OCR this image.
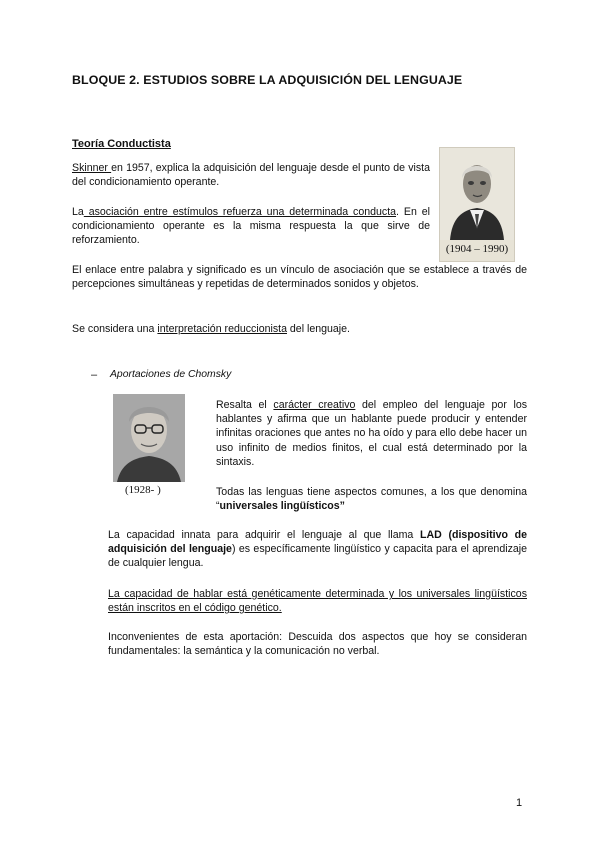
BLOQUE 2. ESTUDIOS SOBRE LA ADQUISICIÓN DEL LENGUAJE

Teoría Conductista

Skinner en 1957, explica la adquisición del lenguaje desde el punto de vista del condicionamiento operante.

La asociación entre estímulos refuerza una determinada conducta. En el condicionamiento operante es la misma respuesta la que sirve de reforzamiento.

(1904 – 1990)

El enlace entre palabra y significado es un vínculo de asociación que se establece a través de percepciones simultáneas y repetidas de determinados sonidos y objetos.

Se considera una interpretación reduccionista del lenguaje.

– Aportaciones de Chomsky
(1928- )

Resalta el carácter creativo del empleo del lenguaje por los hablantes y afirma que un hablante puede producir y entender infinitas oraciones que antes no ha oído y para ello debe hacer un uso infinito de medios finitos, el cual está determinado por la sintaxis.

Todas las lenguas tiene aspectos comunes, a los que denomina “universales lingüísticos”

La capacidad innata para adquirir el lenguaje al que llama LAD (dispositivo de adquisición del lenguaje) es específicamente lingüístico y capacita para el aprendizaje de cualquier lengua.

La capacidad de hablar está genéticamente determinada y los universales lingüísticos están inscritos en el código genético.

Inconvenientes de esta aportación: Descuida dos aspectos que hoy se consideran fundamentales: la semántica y la comunicación no verbal.

1
